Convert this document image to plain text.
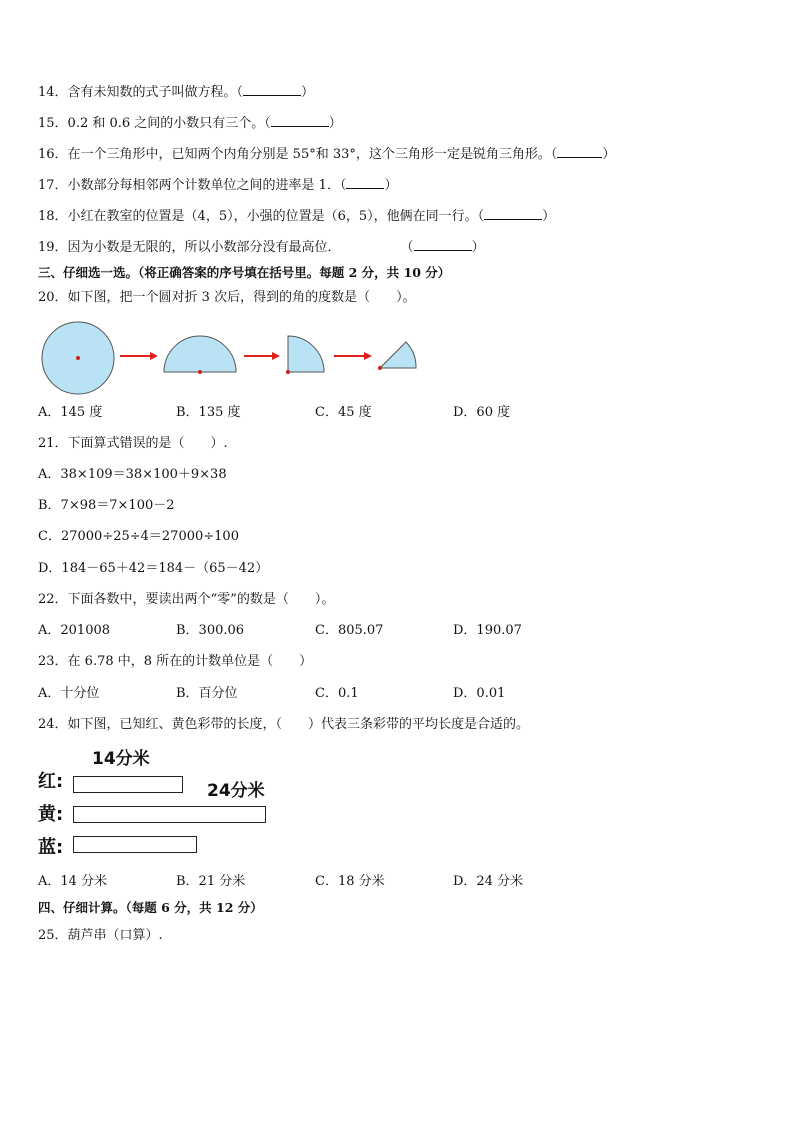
14．含有未知数的式子叫做方程。（	）
15．0.2 和 0.6 之间的小数只有三个。（	）
16．在一个三角形中，已知两个内角分别是 55°和 33°，这个三角形一定是锐角三角形。（	）
17．小数部分每相邻两个计数单位之间的进率是 1．（	）
18．小红在教室的位置是（4，5），小强的位置是（6，5），他俩在同一行。（	）
19．因为小数是无限的，所以小数部分没有最高位．	（	）
三、仔细选一选。（将正确答案的序号填在括号里。每题 2 分，共 10 分）
20．如下图，把一个圆对折 3 次后，得到的角的度数是（　　）。
A．145 度	B．135 度	C．45 度	D．60 度
21．下面算式错误的是（　　）.
A．38×109＝38×100＋9×38
B．7×98＝7×100－2
C．27000÷25÷4＝27000÷100
D．184－65＋42＝184－（65－42）
22．下面各数中，要读出两个“零”的数是（　　）。
A．201008	B．300.06	C．805.07	D．190.07
23．在 6.78 中，8 所在的计数单位是（　　）
A．十分位	B．百分位	C．0.1	D．0.01
24．如下图，已知红、黄色彩带的长度，（　　）代表三条彩带的平均长度是合适的。
14分米
24分米
红:
黄:
蓝:
A．14 分米	B．21 分米	C．18 分米	D．24 分米
四、仔细计算。（每题 6 分，共 12 分）
25．葫芦串（口算）.
